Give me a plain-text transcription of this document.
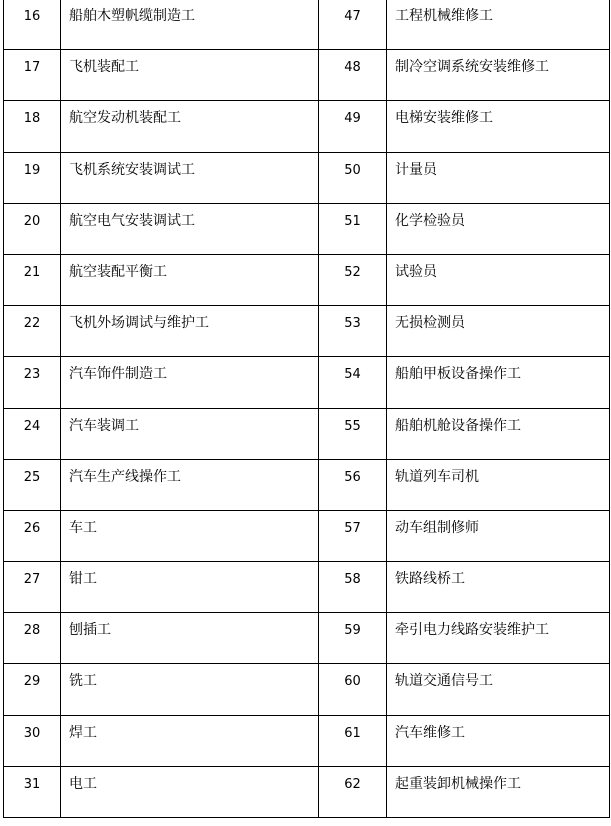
16	船舶木塑帆缆制造工	47	工程机械维修工

17	飞机装配工	48	制冷空调系统安装维修工

18	航空发动机装配工	49	电梯安装维修工

19	飞机系统安装调试工	50	计量员

20	航空电气安装调试工	51	化学检验员

21	航空装配平衡工	52	试验员

22	飞机外场调试与维护工	53	无损检测员

23	汽车饰件制造工	54	船舶甲板设备操作工

24	汽车装调工	55	船舶机舱设备操作工

25	汽车生产线操作工	56	轨道列车司机

26	车工	57	动车组制修师

27	钳工	58	铁路线桥工

28	刨插工	59	牵引电力线路安装维护工

29	铣工	60	轨道交通信号工

30	焊工	61	汽车维修工

31	电工	62	起重装卸机械操作工
